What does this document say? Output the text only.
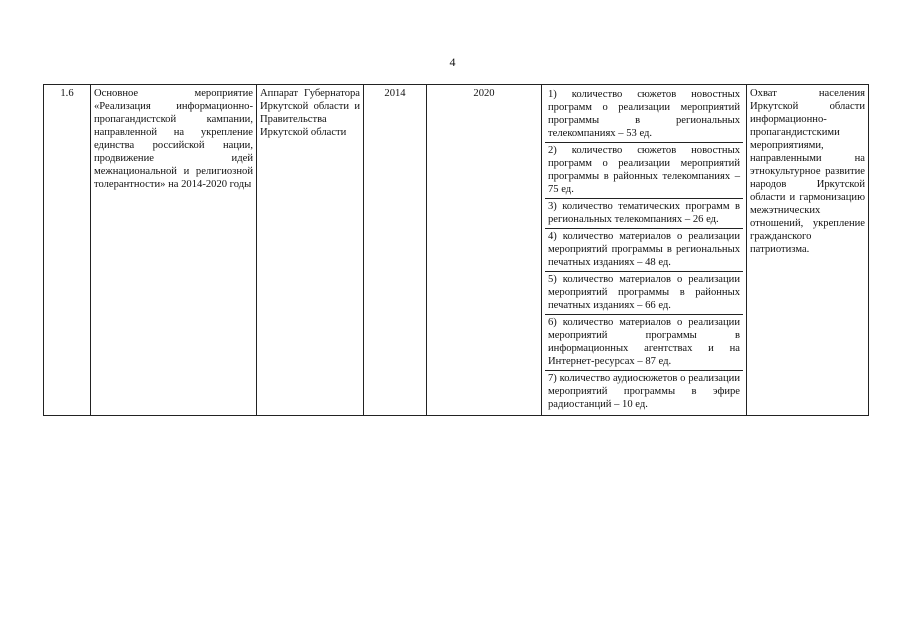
4
1.6	Основное мероприятие «Реализация информационно-пропагандистской кампании, направленной на укрепление единства российской нации, продвижение идей межнациональной и религиозной толерантности» на 2014-2020 годы	Аппарат Губернатора Иркутской области и Правительства Иркутской области	2014	2020	1) количество сюжетов новостных программ о реализации мероприятий программы в региональных телекомпаниях – 53 ед.
2) количество сюжетов новостных программ о реализации мероприятий программы в районных телекомпаниях – 75 ед.
3) количество тематических программ в региональных телекомпаниях – 26 ед.
4) количество материалов о реализации мероприятий программы в региональных печатных изданиях – 48 ед.
5) количество материалов о реализации мероприятий программы в районных печатных изданиях – 66 ед.
6) количество материалов о реализации мероприятий программы в информационных агентствах и на Интернет-ресурсах – 87 ед.
7) количество аудиосюжетов о реализации мероприятий программы в эфире радиостанций – 10 ед.
	Охват населения Иркутской области информационно-пропагандистскими мероприятиями, направленными на этнокультурное развитие народов Иркутской области и гармонизацию межэтнических отношений, укрепление гражданского патриотизма.
